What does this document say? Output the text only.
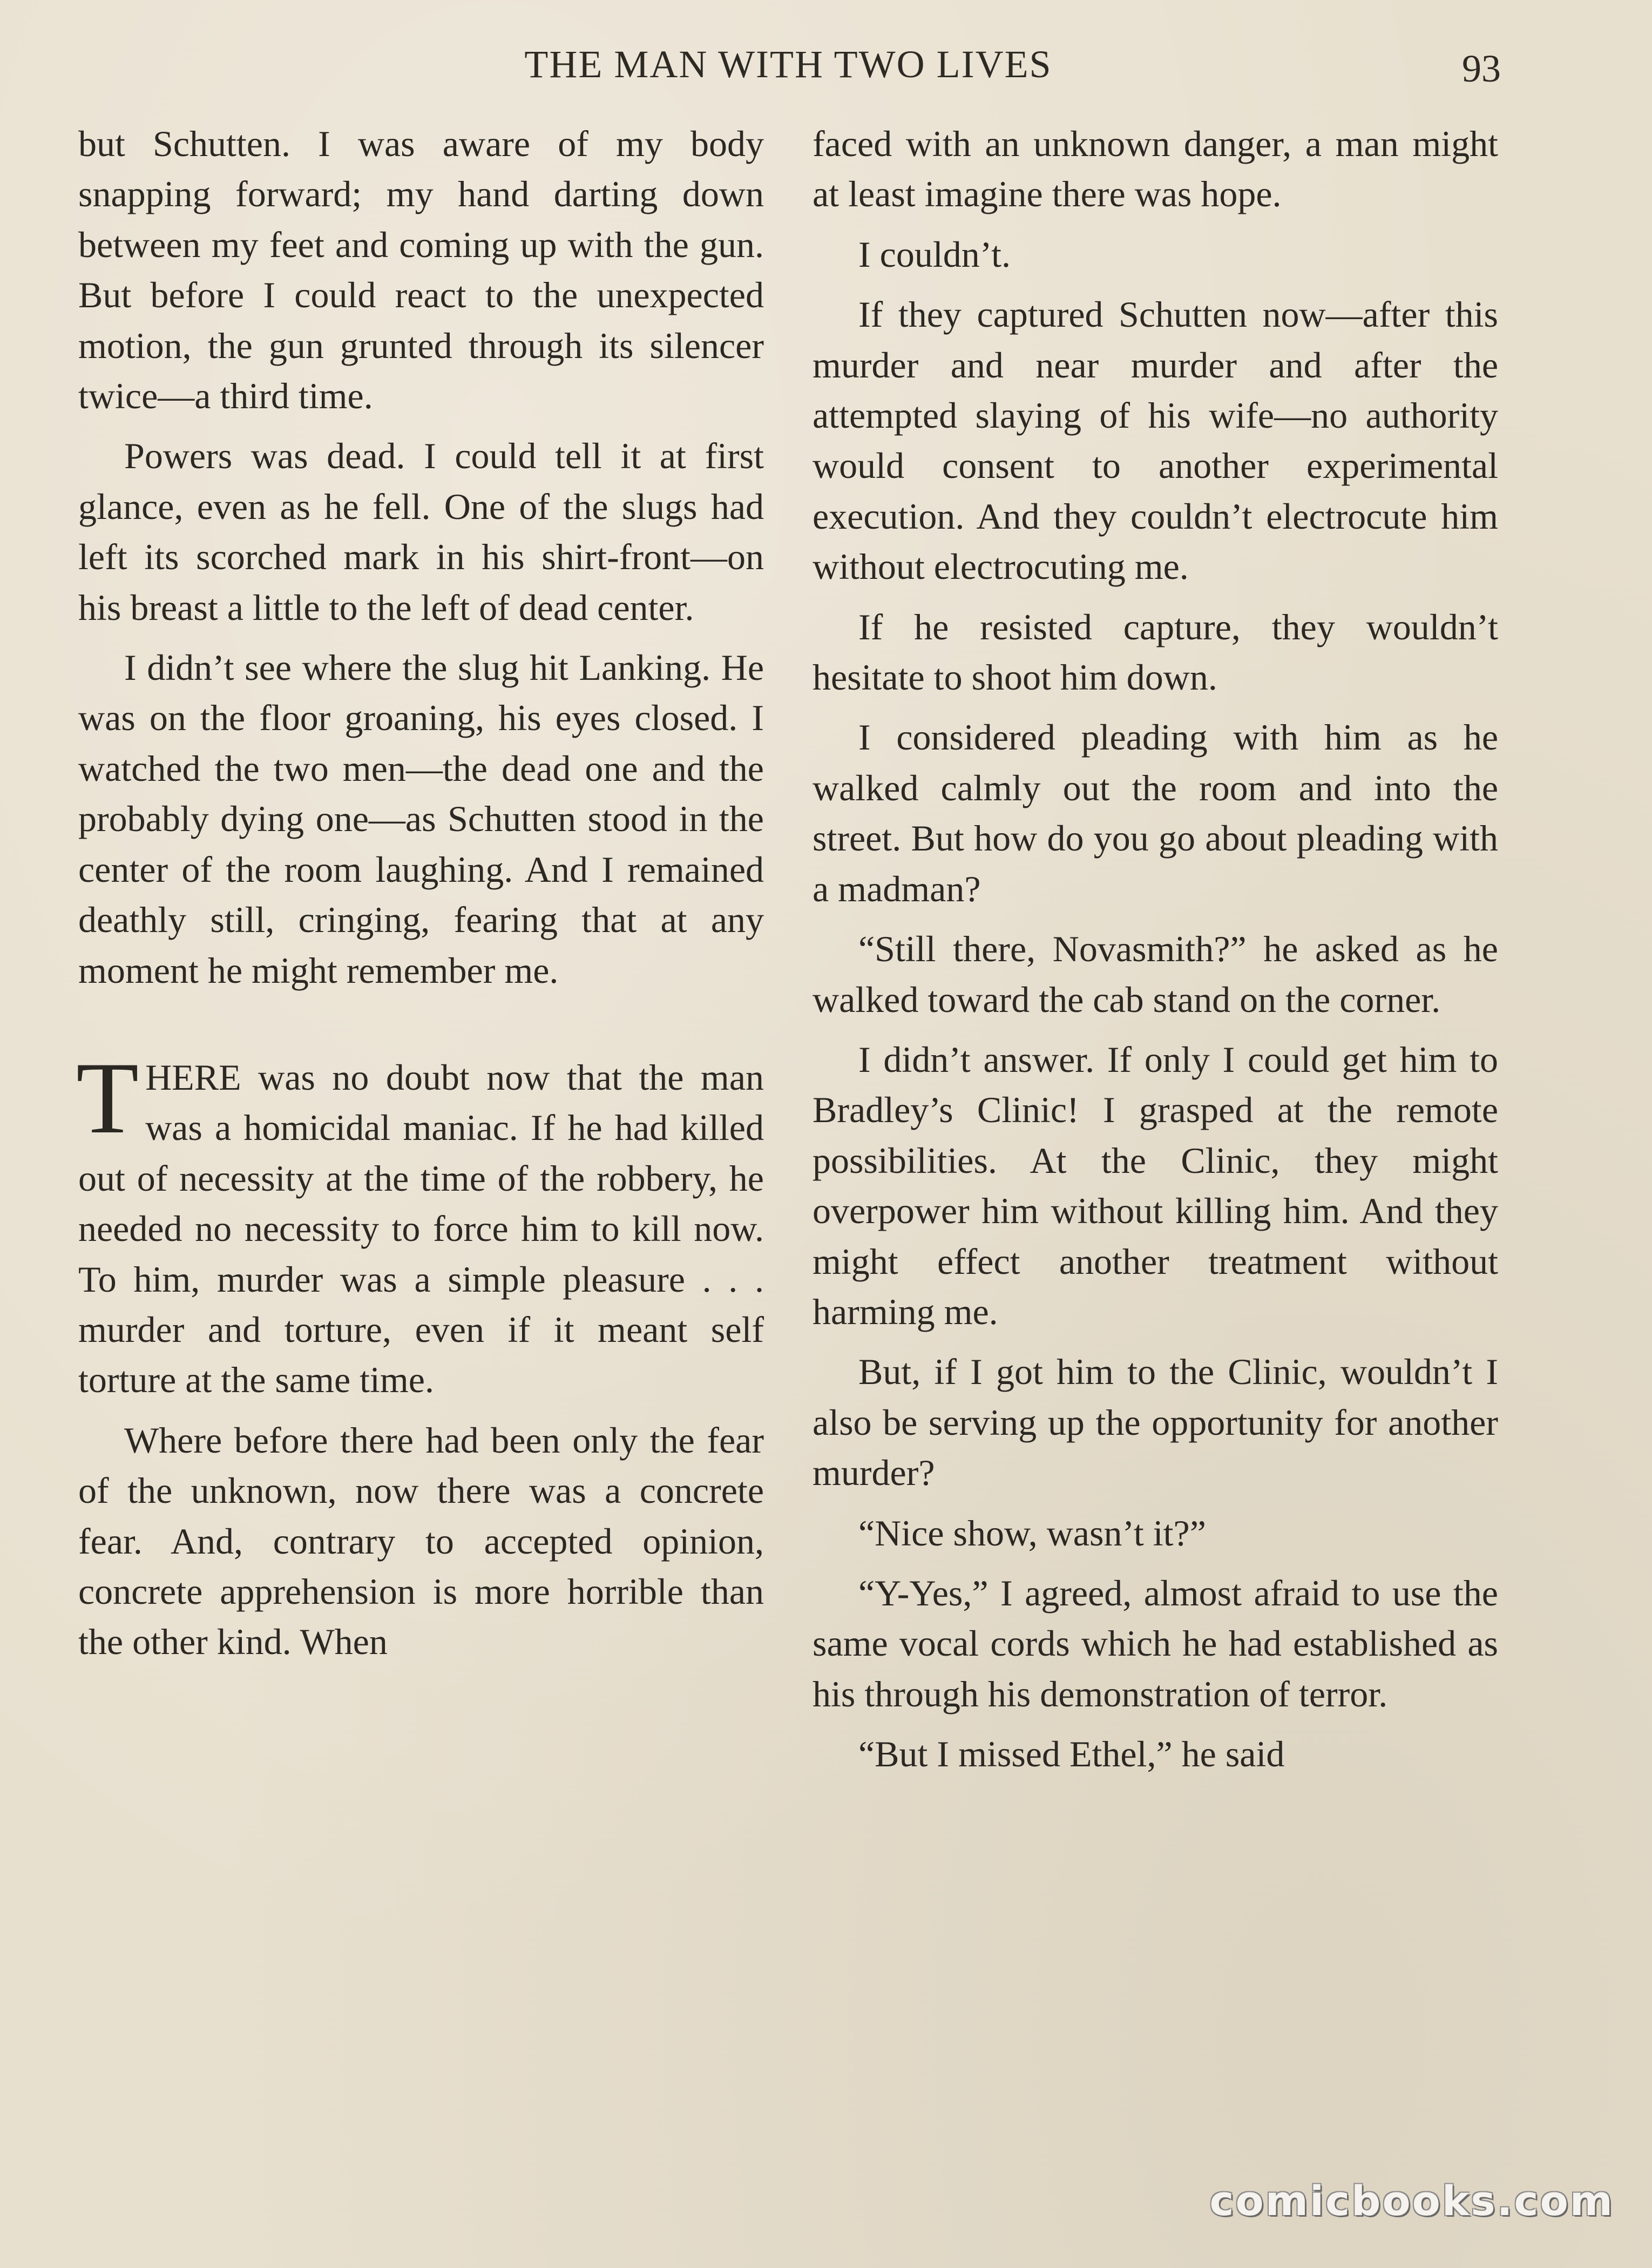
THE MAN WITH TWO LIVES	93

but Schutten. I was aware of my body snapping forward; my hand darting down between my feet and coming up with the gun. But before I could react to the unexpected motion, the gun grunted through its silencer twice—a third time.

Powers was dead. I could tell it at first glance, even as he fell. One of the slugs had left its scorched mark in his shirt-front—on his breast a little to the left of dead center.

I didn’t see where the slug hit Lanking. He was on the floor groaning, his eyes closed. I watched the two men—the dead one and the probably dying one—as Schutten stood in the center of the room laughing. And I remained deathly still, cringing, fearing that at any moment he might remember me.

THERE was no doubt now that the man was a homicidal maniac. If he had killed out of necessity at the time of the robbery, he needed no necessity to force him to kill now. To him, murder was a simple pleasure . . . murder and torture, even if it meant self torture at the same time.

Where before there had been only the fear of the unknown, now there was a concrete fear. And, contrary to accepted opinion, concrete apprehension is more horrible than the other kind. When

faced with an unknown danger, a man might at least imagine there was hope.

I couldn’t.

If they captured Schutten now—after this murder and near murder and after the attempted slaying of his wife—no authority would consent to another experimental execution. And they couldn’t electrocute him without electrocuting me.

If he resisted capture, they wouldn’t hesitate to shoot him down.

I considered pleading with him as he walked calmly out the room and into the street. But how do you go about pleading with a madman?

“Still there, Novasmith?” he asked as he walked toward the cab stand on the corner.

I didn’t answer. If only I could get him to Bradley’s Clinic! I grasped at the remote possibilities. At the Clinic, they might overpower him without killing him. And they might effect another treatment without harming me.

But, if I got him to the Clinic, wouldn’t I also be serving up the opportunity for another murder?

“Nice show, wasn’t it?”

“Y-Yes,” I agreed, almost afraid to use the same vocal cords which he had established as his through his demonstration of terror.

“But I missed Ethel,” he said

comicbooks.com
